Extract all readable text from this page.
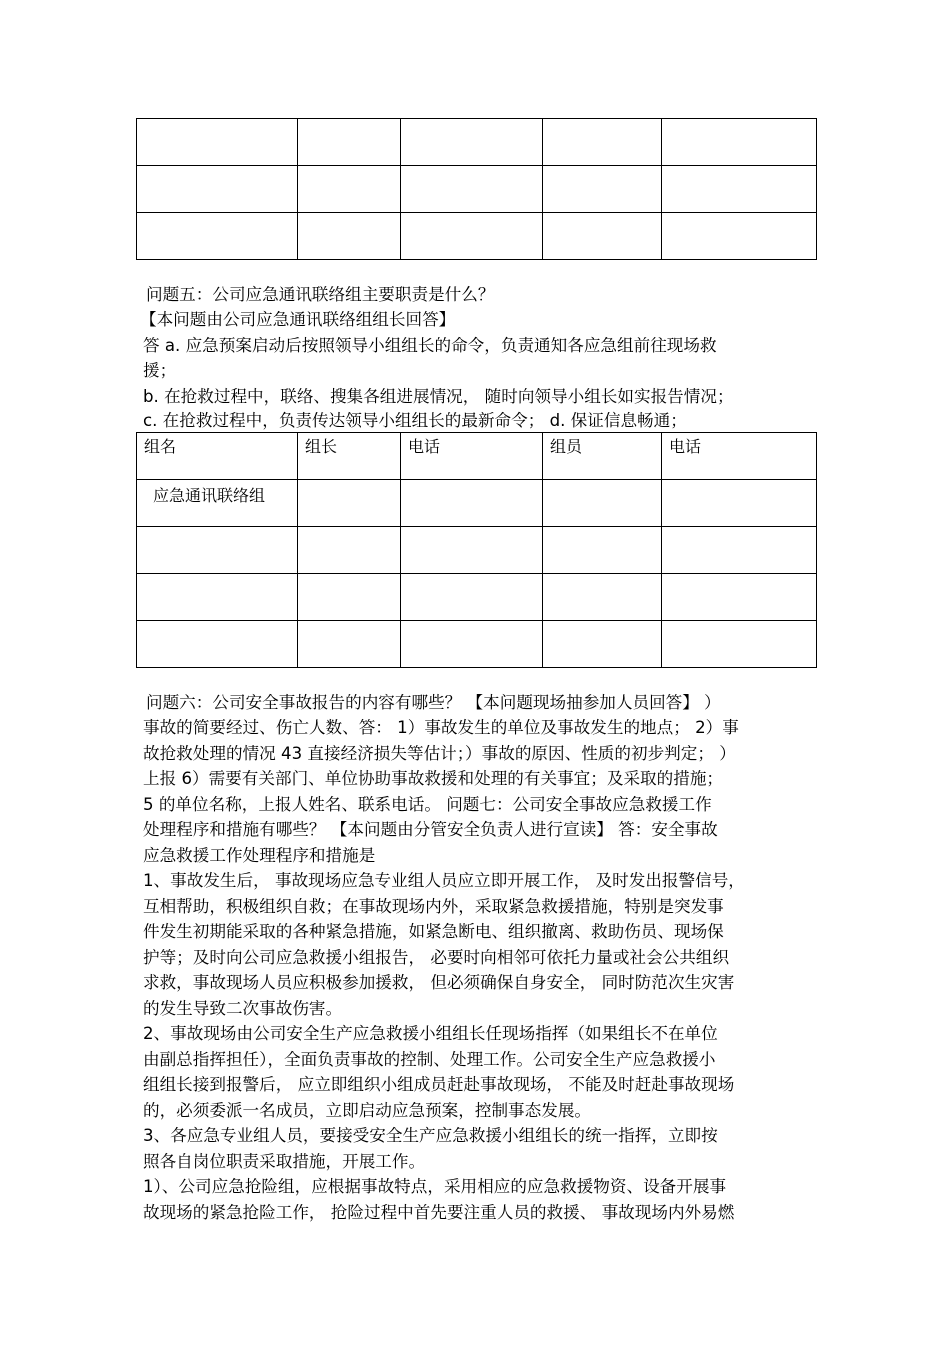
问题五：公司应急通讯联络组主要职责是什么？

【本问题由公司应急通讯联络组组长回答】

答 a. 应急预案启动后按照领导小组组长的命令，负责通知各应急组前往现场救

援；

b. 在抢救过程中，联络、搜集各组进展情况， 随时向领导小组长如实报告情况；

c. 在抢救过程中，负责传达领导小组组长的最新命令； d. 保证信息畅通；

组名	组长	电话	组员	电话

应急通讯联络组				

问题六：公司安全事故报告的内容有哪些？ 【本问题现场抽参加人员回答】 ）

事故的简要经过、伤亡人数、答： 1）事故发生的单位及事故发生的地点； 2）事

故抢救处理的情况 43 直接经济损失等估计；）事故的原因、性质的初步判定； ）

上报 6）需要有关部门、单位协助事故救援和处理的有关事宜；及采取的措施；

5 的单位名称，上报人姓名、联系电话。 问题七：公司安全事故应急救援工作

处理程序和措施有哪些？ 【本问题由分管安全负责人进行宣读】 答：安全事故

应急救援工作处理程序和措施是

1、事故发生后， 事故现场应急专业组人员应立即开展工作， 及时发出报警信号，

互相帮助，积极组织自救；在事故现场内外，采取紧急救援措施，特别是突发事

件发生初期能采取的各种紧急措施，如紧急断电、组织撤离、救助伤员、现场保

护等；及时向公司应急救援小组报告， 必要时向相邻可依托力量或社会公共组织

求救，事故现场人员应积极参加援救， 但必须确保自身安全， 同时防范次生灾害

的发生导致二次事故伤害。

2、事故现场由公司安全生产应急救援小组组长任现场指挥（如果组长不在单位

由副总指挥担任），全面负责事故的控制、处理工作。公司安全生产应急救援小

组组长接到报警后， 应立即组织小组成员赶赴事故现场， 不能及时赶赴事故现场

的，必须委派一名成员，立即启动应急预案，控制事态发展。

3、各应急专业组人员，要接受安全生产应急救援小组组长的统一指挥，立即按

照各自岗位职责采取措施，开展工作。

1）、公司应急抢险组，应根据事故特点，采用相应的应急救援物资、设备开展事

故现场的紧急抢险工作， 抢险过程中首先要注重人员的救援、 事故现场内外易燃
